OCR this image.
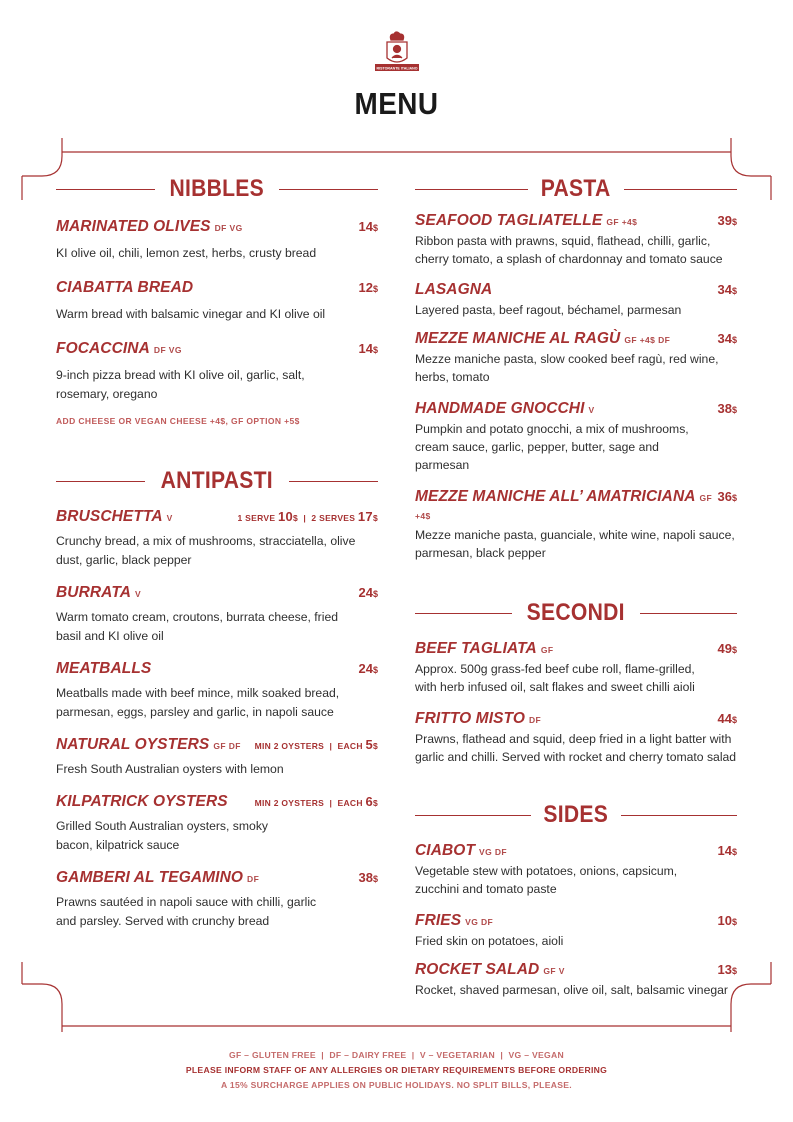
RISTORANTE ITALIANO
MENU
NIBBLES
MARINATED OLIVES DF VG	14$
KI olive oil, chili, lemon zest, herbs, crusty bread
CIABATTA BREAD	12$
Warm bread with balsamic vinegar and KI olive oil
FOCACCINA DF VG	14$
9-inch pizza bread with KI olive oil, garlic, salt, rosemary, oregano
ADD CHEESE OR VEGAN CHEESE +4$, GF OPTION +5$
ANTIPASTI
BRUSCHETTA V	1 SERVE 10$ | 2 SERVES 17$
Crunchy bread, a mix of mushrooms, stracciatella, olive dust, garlic, black pepper
BURRATA V	24$
Warm tomato cream, croutons, burrata cheese, fried basil and KI olive oil
MEATBALLS	24$
Meatballs made with beef mince, milk soaked bread, parmesan, eggs, parsley and garlic, in napoli sauce
NATURAL OYSTERS GF DF MIN 2 OYSTERS | EACH 5$
Fresh South Australian oysters with lemon
KILPATRICK OYSTERS	MIN 2 OYSTERS | EACH 6$
Grilled South Australian oysters, smoky bacon, kilpatrick sauce
GAMBERI AL TEGAMINO DF	38$
Prawns sautéed in napoli sauce with chilli, garlic and parsley. Served with crunchy bread
PASTA
SEAFOOD TAGLIATELLE GF +4$	39$
Ribbon pasta with prawns, squid, flathead, chilli, garlic, cherry tomato, a splash of chardonnay and tomato sauce
LASAGNA	34$
Layered pasta, beef ragout, béchamel, parmesan
MEZZE MANICHE AL RAGÙ GF +4$ DF	34$
Mezze maniche pasta, slow cooked beef ragù, red wine, herbs, tomato
HANDMADE GNOCCHI V	38$
Pumpkin and potato gnocchi, a mix of mushrooms, cream sauce, garlic, pepper, butter, sage and parmesan
MEZZE MANICHE ALL’ AMATRICIANA GF +4$
36$
Mezze maniche pasta, guanciale, white wine, napoli sauce, parmesan, black pepper
SECONDI
BEEF TAGLIATA GF	49$
Approx. 500g grass-fed beef cube roll, flame-grilled, with herb infused oil, salt flakes and sweet chilli aioli
FRITTO MISTO DF	44$
Prawns, flathead and squid, deep fried in a light batter with garlic and chilli. Served with rocket and cherry tomato salad
SIDES
CIABOT VG DF	14$
Vegetable stew with potatoes, onions, capsicum, zucchini and tomato paste
FRIES VG DF	10$
Fried skin on potatoes, aioli
ROCKET SALAD GF V	13$
Rocket, shaved parmesan, olive oil, salt, balsamic vinegar
GF – GLUTEN FREE  |  DF – DAIRY FREE  |  V – VEGETARIAN  |  VG – VEGAN
PLEASE INFORM STAFF OF ANY ALLERGIES OR DIETARY REQUIREMENTS BEFORE ORDERING
A 15% SURCHARGE APPLIES ON PUBLIC HOLIDAYS. NO SPLIT BILLS, PLEASE.
